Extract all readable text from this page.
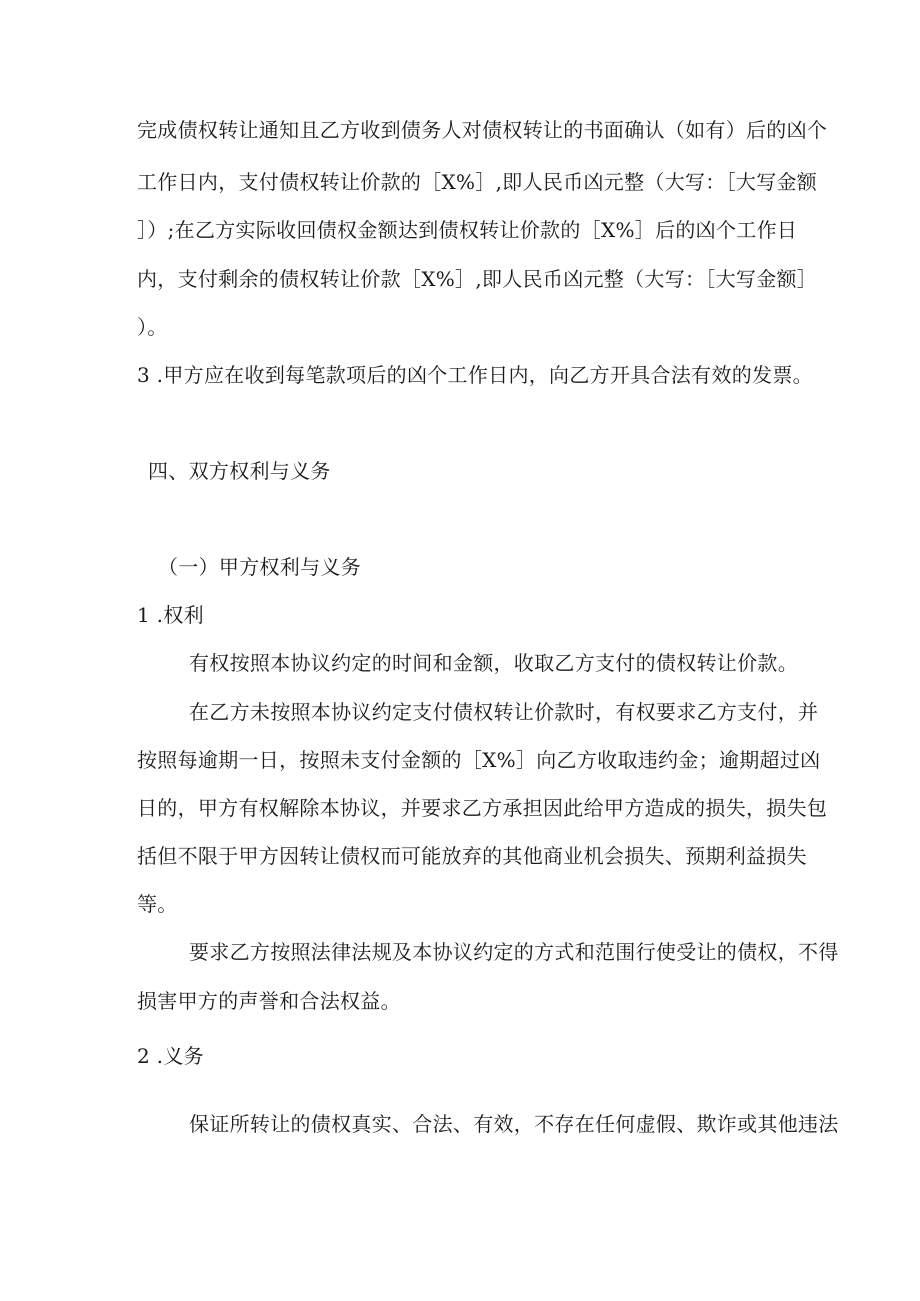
完成债权转让通知且乙方收到债务人对债权转让的书面确认（如有）后的凶个
工作日内，支付债权转让价款的［X%］,即人民币凶元整（大写：［大写金额
］）;在乙方实际收回债权金额达到债权转让价款的［X%］后的凶个工作日
内，支付剩余的债权转让价款［X%］,即人民币凶元整（大写：［大写金额］
）。
3 .甲方应在收到每笔款项后的凶个工作日内，向乙方开具合法有效的发票。
四、双方权利与义务
（一）甲方权利与义务
1 .权利
有权按照本协议约定的时间和金额，收取乙方支付的债权转让价款。
在乙方未按照本协议约定支付债权转让价款时，有权要求乙方支付，并
按照每逾期一日，按照未支付金额的［X%］向乙方收取违约金；逾期超过凶
日的，甲方有权解除本协议，并要求乙方承担因此给甲方造成的损失，损失包
括但不限于甲方因转让债权而可能放弃的其他商业机会损失、预期利益损失
等。
要求乙方按照法律法规及本协议约定的方式和范围行使受让的债权，不得
损害甲方的声誉和合法权益。
2 .义务
保证所转让的债权真实、合法、有效，不存在任何虚假、欺诈或其他违法
